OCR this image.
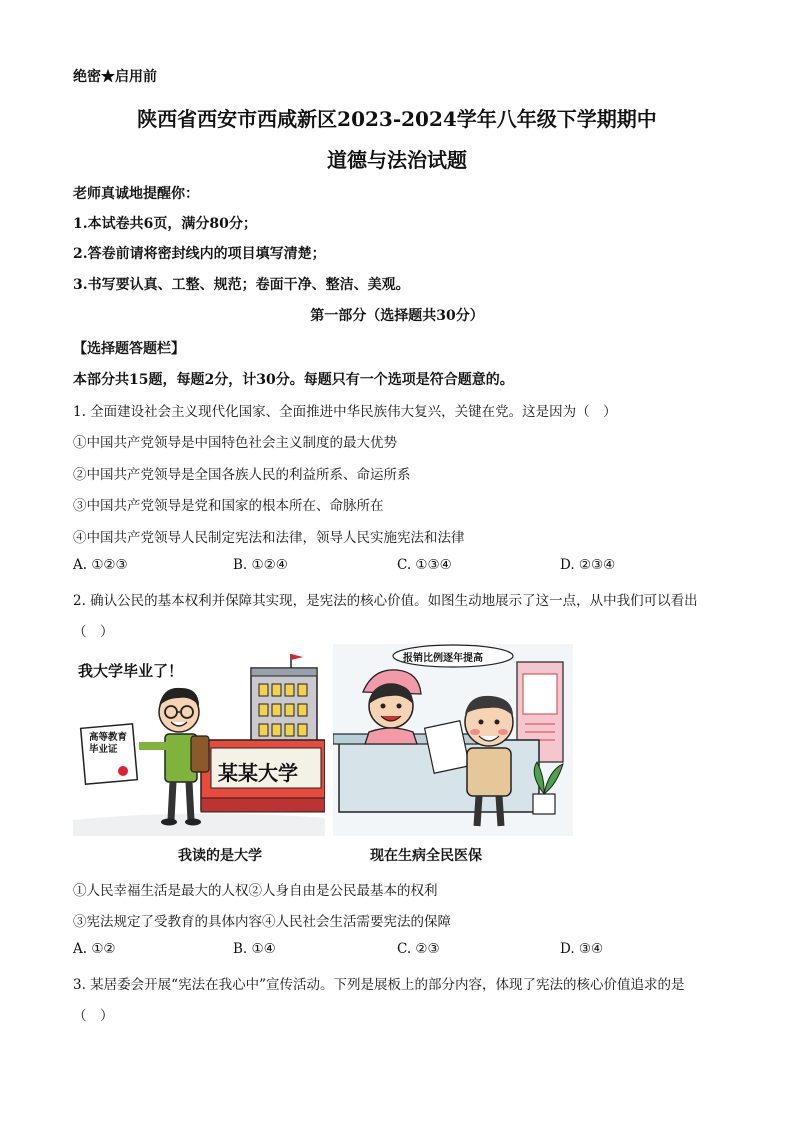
绝密★启用前
陕西省西安市西咸新区2023-2024学年八年级下学期期中
道德与法治试题
老师真诚地提醒你：
1.本试卷共6页，满分80分；
2.答卷前请将密封线内的项目填写清楚；
3.书写要认真、工整、规范；卷面干净、整洁、美观。
第一部分（选择题共30分）
【选择题答题栏】
本部分共15题，每题2分，计30分。每题只有一个选项是符合题意的。
1. 全面建设社会主义现代化国家、全面推进中华民族伟大复兴，关键在党。这是因为（　）
①中国共产党领导是中国特色社会主义制度的最大优势
②中国共产党领导是全国各族人民的利益所系、命运所系
③中国共产党领导是党和国家的根本所在、命脉所在
④中国共产党领导人民制定宪法和法律，领导人民实施宪法和法律
A. ①②③	B. ①②④	C. ①③④	D. ②③④
2. 确认公民的基本权利并保障其实现，是宪法的核心价值。如图生动地展示了这一点，从中我们可以看出
（　）
我大学毕业了！
高等教育
毕业证
某某大学
报销比例逐年提高
我读的是大学	现在生病全民医保
①人民幸福生活是最大的人权②人身自由是公民最基本的权利
③宪法规定了受教育的具体内容④人民社会生活需要宪法的保障
A. ①②	B. ①④	C. ②③	D. ③④
3. 某居委会开展“宪法在我心中”宣传活动。下列是展板上的部分内容，体现了宪法的核心价值追求的是
（　）
